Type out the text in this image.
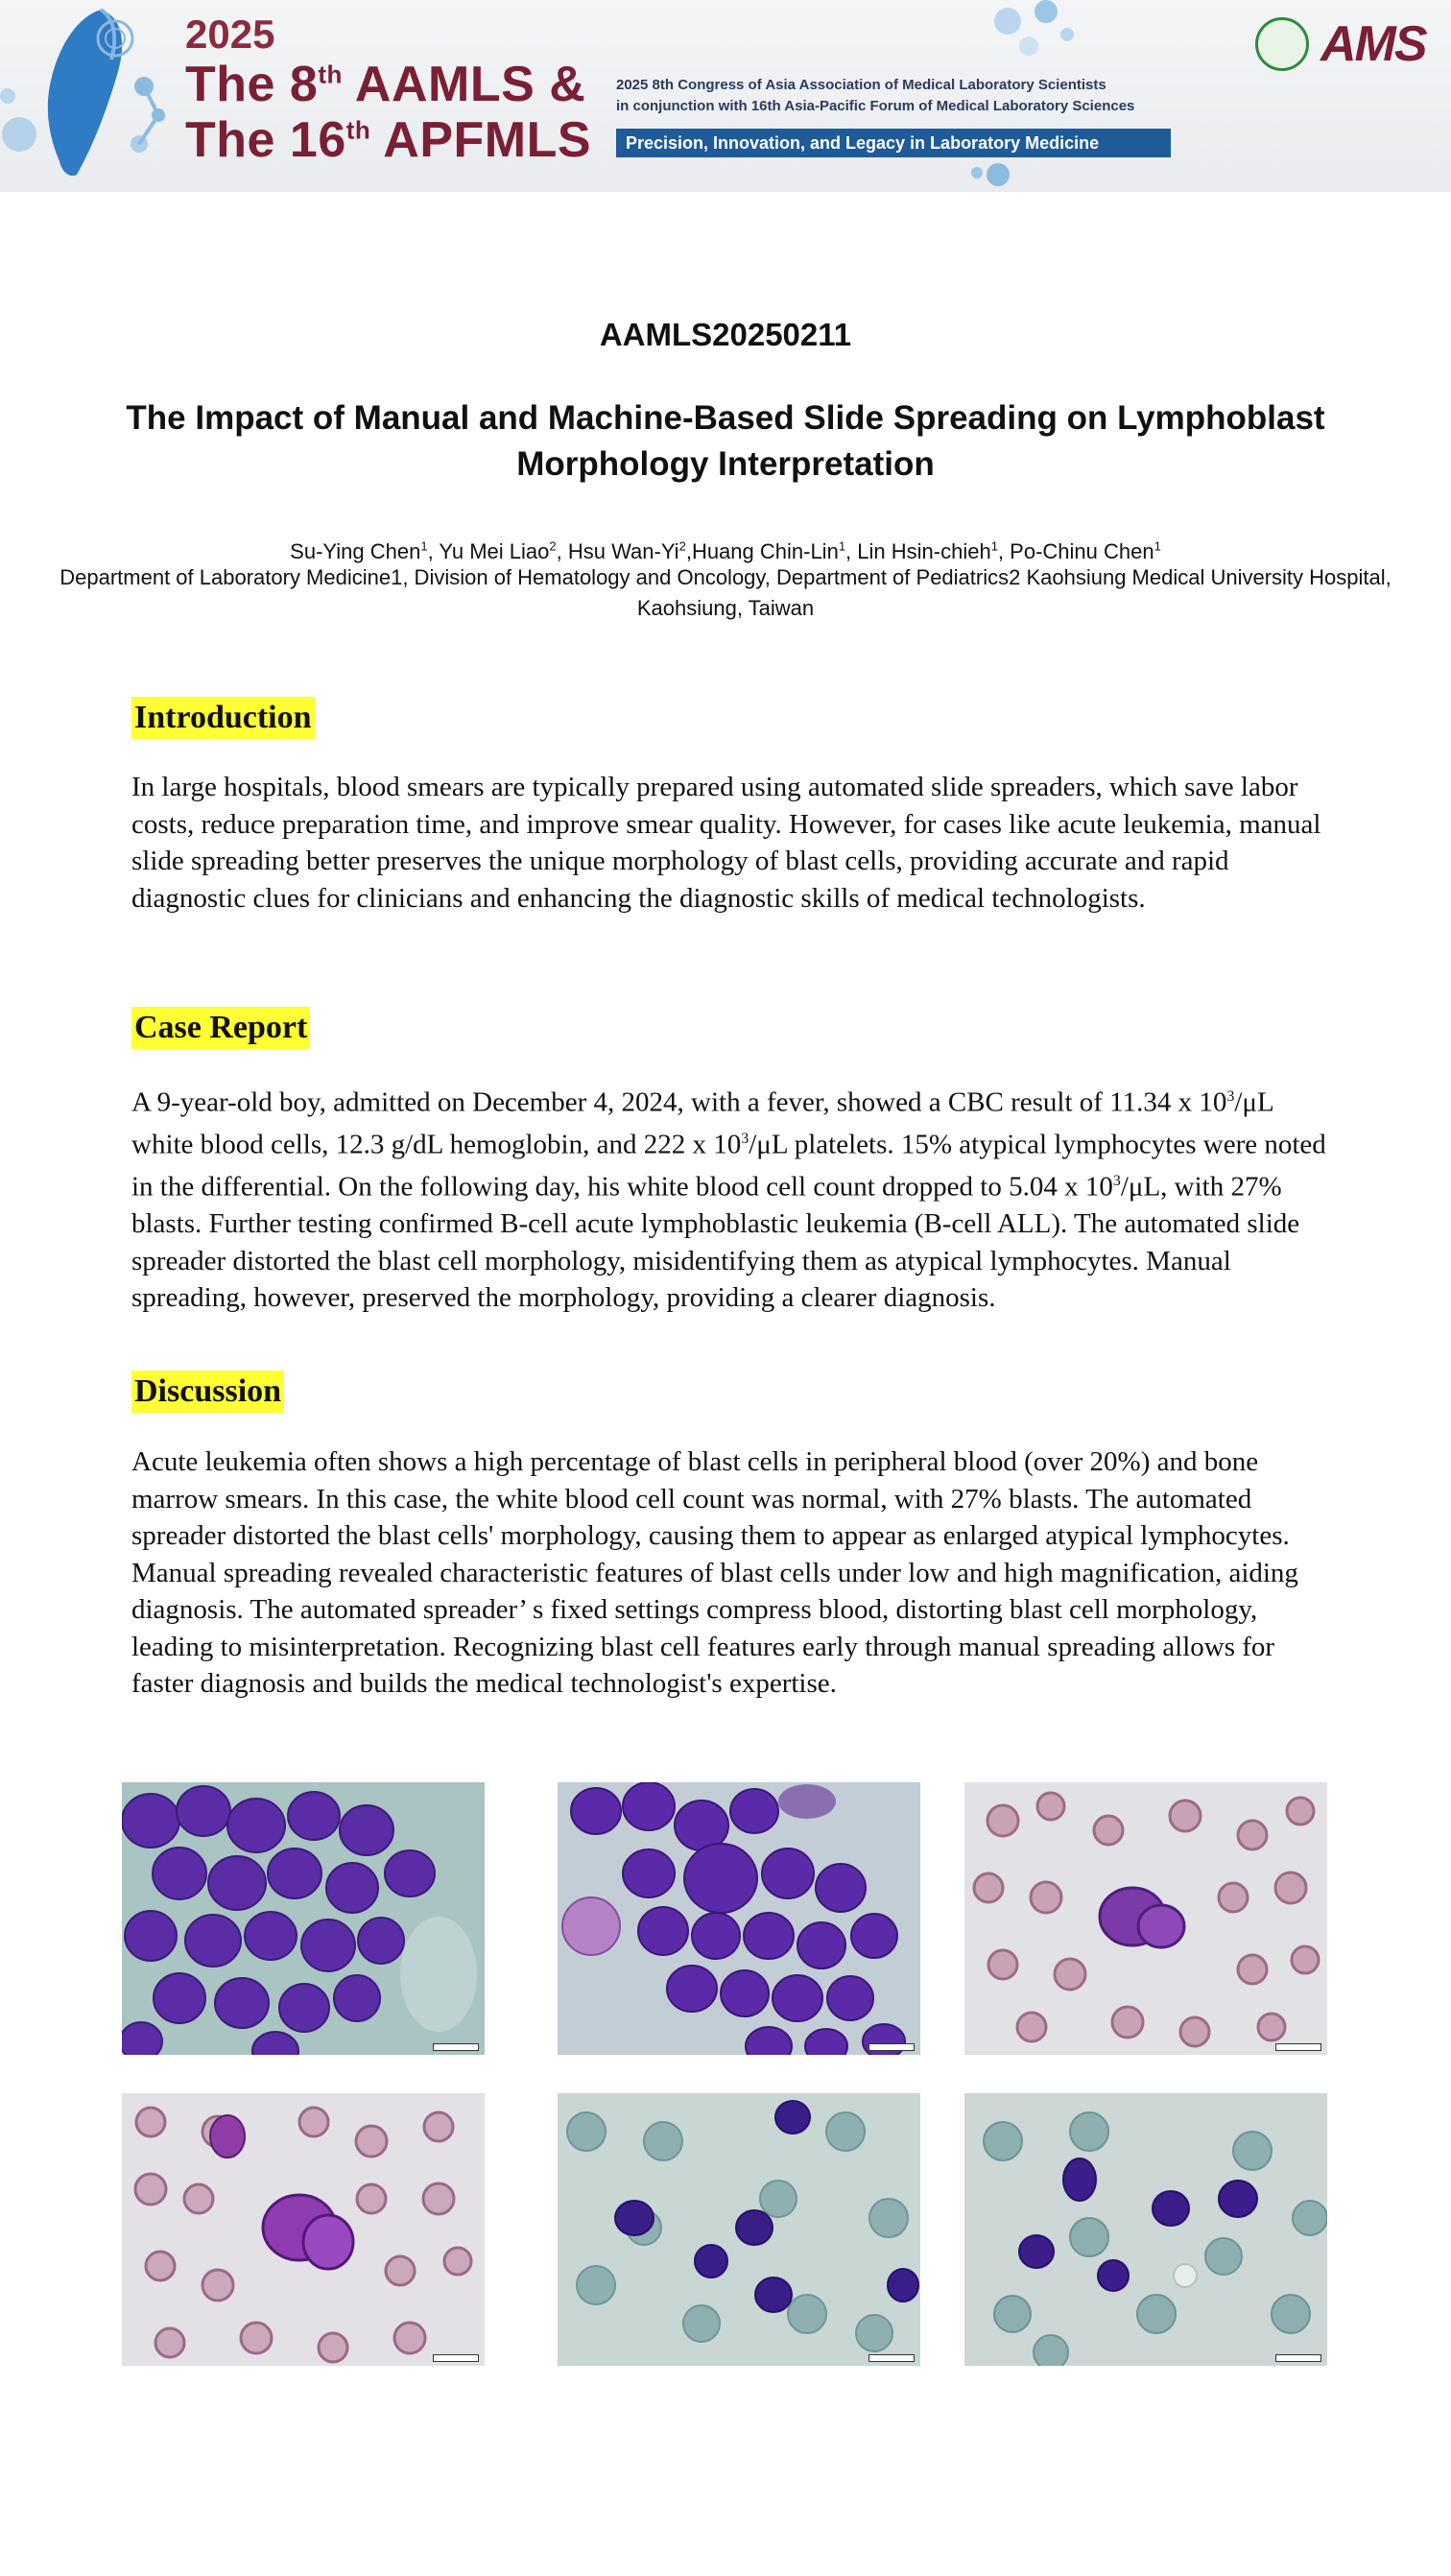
2025
The 8th AAMLS &
The 16th APFMLS
2025 8th Congress of Asia Association of Medical Laboratory Scientists
in conjunction with 16th Asia-Pacific Forum of Medical Laboratory Sciences
Precision, Innovation, and Legacy in Laboratory Medicine
AMS
AAMLS20250211
The Impact of Manual and Machine-Based Slide Spreading on Lymphoblast Morphology Interpretation
Su-Ying Chen$^1$, Yu Mei Liao$^2$, Hsu Wan-Yi$^2$,Huang Chin-Lin$^1$, Lin Hsin-chieh$^1$, Po-Chinu Chen$^1$
Department of Laboratory Medicine1, Division of Hematology and Oncology, Department of Pediatrics2 Kaohsiung Medical University Hospital, Kaohsiung, Taiwan
Introduction
In large hospitals, blood smears are typically prepared using automated slide spreaders, which save labor costs, reduce preparation time, and improve smear quality. However, for cases like acute leukemia, manual slide spreading better preserves the unique morphology of blast cells, providing accurate and rapid diagnostic clues for clinicians and enhancing the diagnostic skills of medical technologists.
Case Report
A 9-year-old boy, admitted on December 4, 2024, with a fever, showed a CBC result of 11.34 x $10^3/\mu L$ white blood cells, 12.3 g/dL hemoglobin, and 222 x $10^3/\mu L$ platelets. 15% atypical lymphocytes were noted in the differential. On the following day, his white blood cell count dropped to 5.04 x $10^3/\mu L$, with 27% blasts. Further testing confirmed B-cell acute lymphoblastic leukemia (B-cell ALL). The automated slide spreader distorted the blast cell morphology, misidentifying them as atypical lymphocytes. Manual spreading, however, preserved the morphology, providing a clearer diagnosis.
Discussion
Acute leukemia often shows a high percentage of blast cells in peripheral blood (over 20%) and bone marrow smears. In this case, the white blood cell count was normal, with 27% blasts. The automated spreader distorted the blast cells' morphology, causing them to appear as enlarged atypical lymphocytes. Manual spreading revealed characteristic features of blast cells under low and high magnification, aiding diagnosis. The automated spreader’ s fixed settings compress blood, distorting blast cell morphology, leading to misinterpretation. Recognizing blast cell features early through manual spreading allows for faster diagnosis and builds the medical technologist's expertise.
